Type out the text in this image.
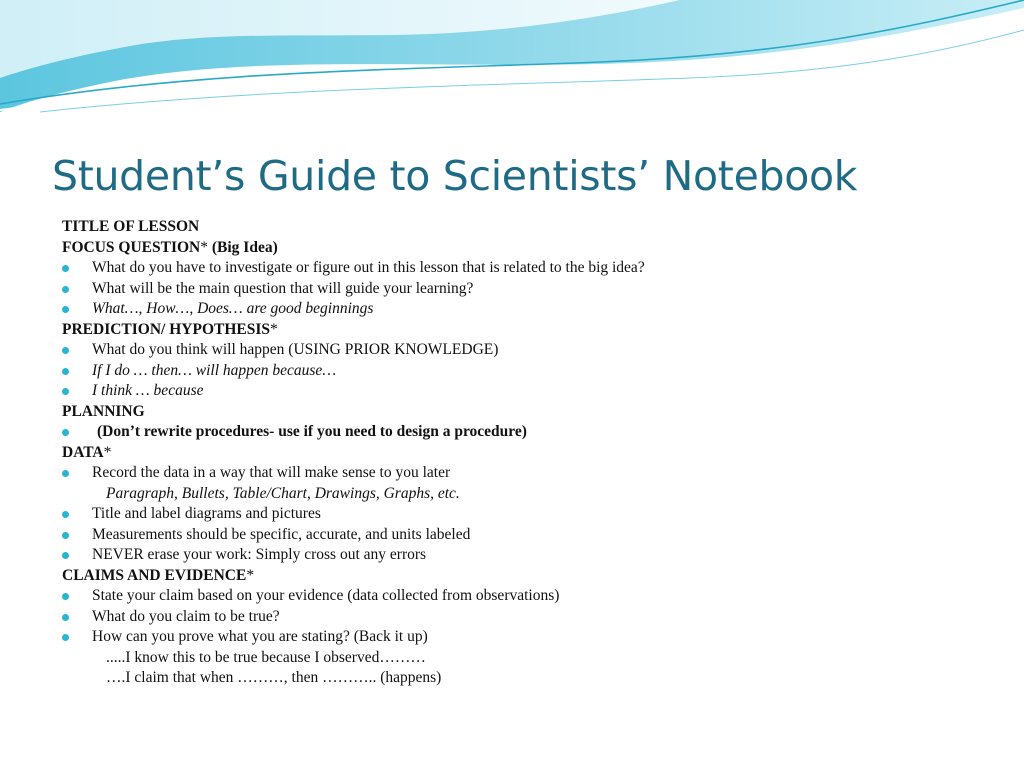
Student’s Guide to Scientists’ Notebook
TITLE OF LESSON
FOCUS QUESTION* (Big Idea)
What do you have to investigate or figure out in this lesson that is related to the big idea?
What will be the main question that will guide your learning?
What…, How…, Does… are good beginnings
PREDICTION/ HYPOTHESIS*
What do you think will happen (USING PRIOR KNOWLEDGE)
If I do … then… will happen because…
I think … because
PLANNING
(Don’t rewrite procedures- use if you need to design a procedure)
DATA*
Record the data in a way that will make sense to you later
Paragraph, Bullets, Table/Chart, Drawings, Graphs, etc.
Title and label diagrams and pictures
Measurements should be specific, accurate, and units labeled
NEVER erase your work: Simply cross out any errors
CLAIMS AND EVIDENCE*
State your claim based on your evidence (data collected from observations)
What do you claim to be true?
How can you prove what you are stating? (Back it up)
.....I know this to be true because I observed………
….I claim that when ………, then ……….. (happens)
